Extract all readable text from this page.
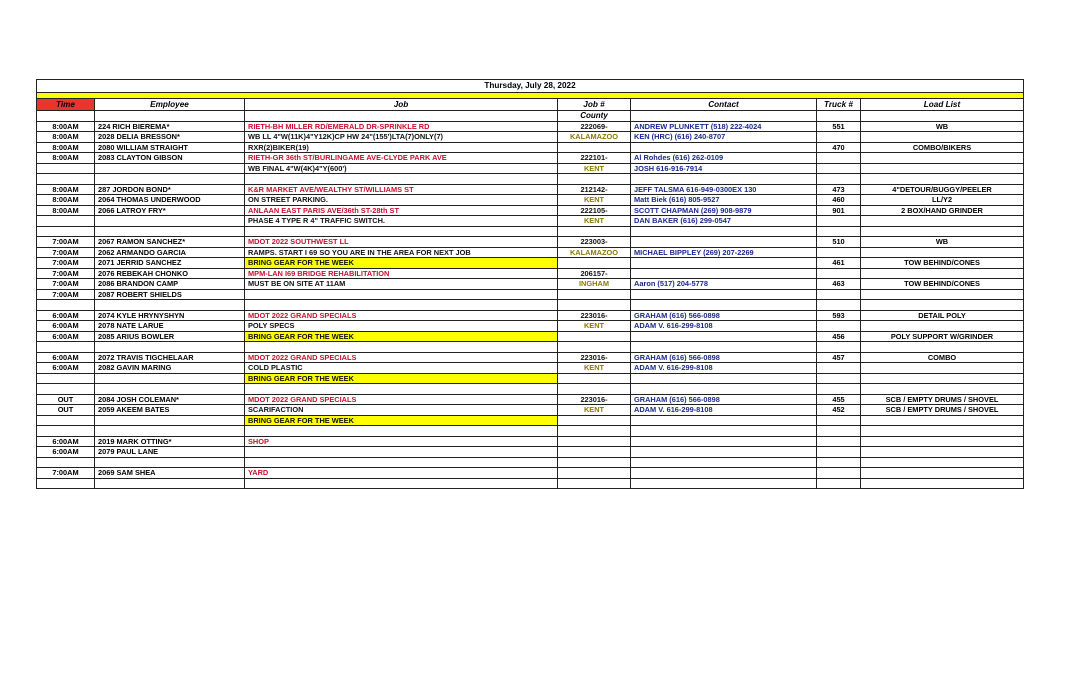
Thursday, July 28, 2022						

Time	Employee	Job	Job #	Contact	Truck #	Load List
			County			
8:00AM	224 RICH BIEREMA*	RIETH-BH MILLER RD/EMERALD DR-SPRINKLE RD	222069-	ANDREW PLUNKETT (518) 222-4024	551	WB
8:00AM	2028 DELIA BRESSON*	WB LL 4"W(11K)4"Y12K)CP HW 24"(155')LTA(7)ONLY(7)	KALAMAZOO	KEN (HRC) (616) 240-8707		
8:00AM	2080 WILLIAM STRAIGHT	RXR(2)BIKER(19)			470	COMBO/BIKERS
8:00AM	2083 CLAYTON GIBSON	RIETH-GR 36th ST/BURLINGAME AVE-CLYDE PARK AVE	222101-	Al Rohdes (616) 262-0109		
		WB FINAL 4"W(4K)4"Y(600')	KENT	JOSH 616-916-7914		

8:00AM	287 JORDON BOND*	K&R MARKET AVE/WEALTHY ST/WILLIAMS ST	212142-	JEFF TALSMA 616-949-0300EX 130	473	4"DETOUR/BUGGY/PEELER
8:00AM	2064 THOMAS UNDERWOOD	ON STREET PARKING.	KENT	Matt Biek (616) 805-9527	460	LL/Y2
8:00AM	2066 LATROY FRY*	ANLAAN EAST PARIS AVE/36th ST-28th ST	222105-	SCOTT CHAPMAN (269) 908-9879	901	2 BOX/HAND GRINDER
		PHASE 4 TYPE R 4" TRAFFIC SWITCH.	KENT	DAN BAKER (616) 299-0547		

7:00AM	2067 RAMON SANCHEZ*	MDOT 2022 SOUTHWEST LL	223003-		510	WB
7:00AM	2062 ARMANDO GARCIA	RAMPS. START I 69 SO YOU ARE IN THE AREA FOR NEXT JOB	KALAMAZOO	MICHAEL BIPPLEY (269) 207-2269		
7:00AM	2071 JERRID SANCHEZ	BRING GEAR FOR THE WEEK			461	TOW BEHIND/CONES
7:00AM	2076 REBEKAH CHONKO	MPM-LAN I69 BRIDGE REHABILITATION	206157-			
7:00AM	2086 BRANDON CAMP	MUST BE ON SITE AT 11AM	INGHAM	Aaron (517) 204-5778	463	TOW BEHIND/CONES
7:00AM	2087 ROBERT SHIELDS					

6:00AM	2074 KYLE HRYNYSHYN	MDOT 2022 GRAND SPECIALS	223016-	GRAHAM (616) 566-0898	593	DETAIL POLY
6:00AM	2078 NATE LARUE	POLY SPECS	KENT	ADAM V. 616-299-8108		
6:00AM	2085 ARIUS BOWLER	BRING GEAR FOR THE WEEK			456	POLY SUPPORT W/GRINDER

6:00AM	2072 TRAVIS TIGCHELAAR	MDOT 2022 GRAND SPECIALS	223016-	GRAHAM (616) 566-0898	457	COMBO
6:00AM	2082 GAVIN MARING	COLD PLASTIC	KENT	ADAM V. 616-299-8108		
		BRING GEAR FOR THE WEEK				

OUT	2084 JOSH COLEMAN*	MDOT 2022 GRAND SPECIALS	223016-	GRAHAM (616) 566-0898	455	SCB / EMPTY DRUMS / SHOVEL
OUT	2059 AKEEM BATES	SCARIFACTION	KENT	ADAM V. 616-299-8108	452	SCB / EMPTY DRUMS / SHOVEL
		BRING GEAR FOR THE WEEK				

6:00AM	2019 MARK OTTING*	SHOP				
6:00AM	2079 PAUL LANE					

7:00AM	2069 SAM SHEA	YARD				
